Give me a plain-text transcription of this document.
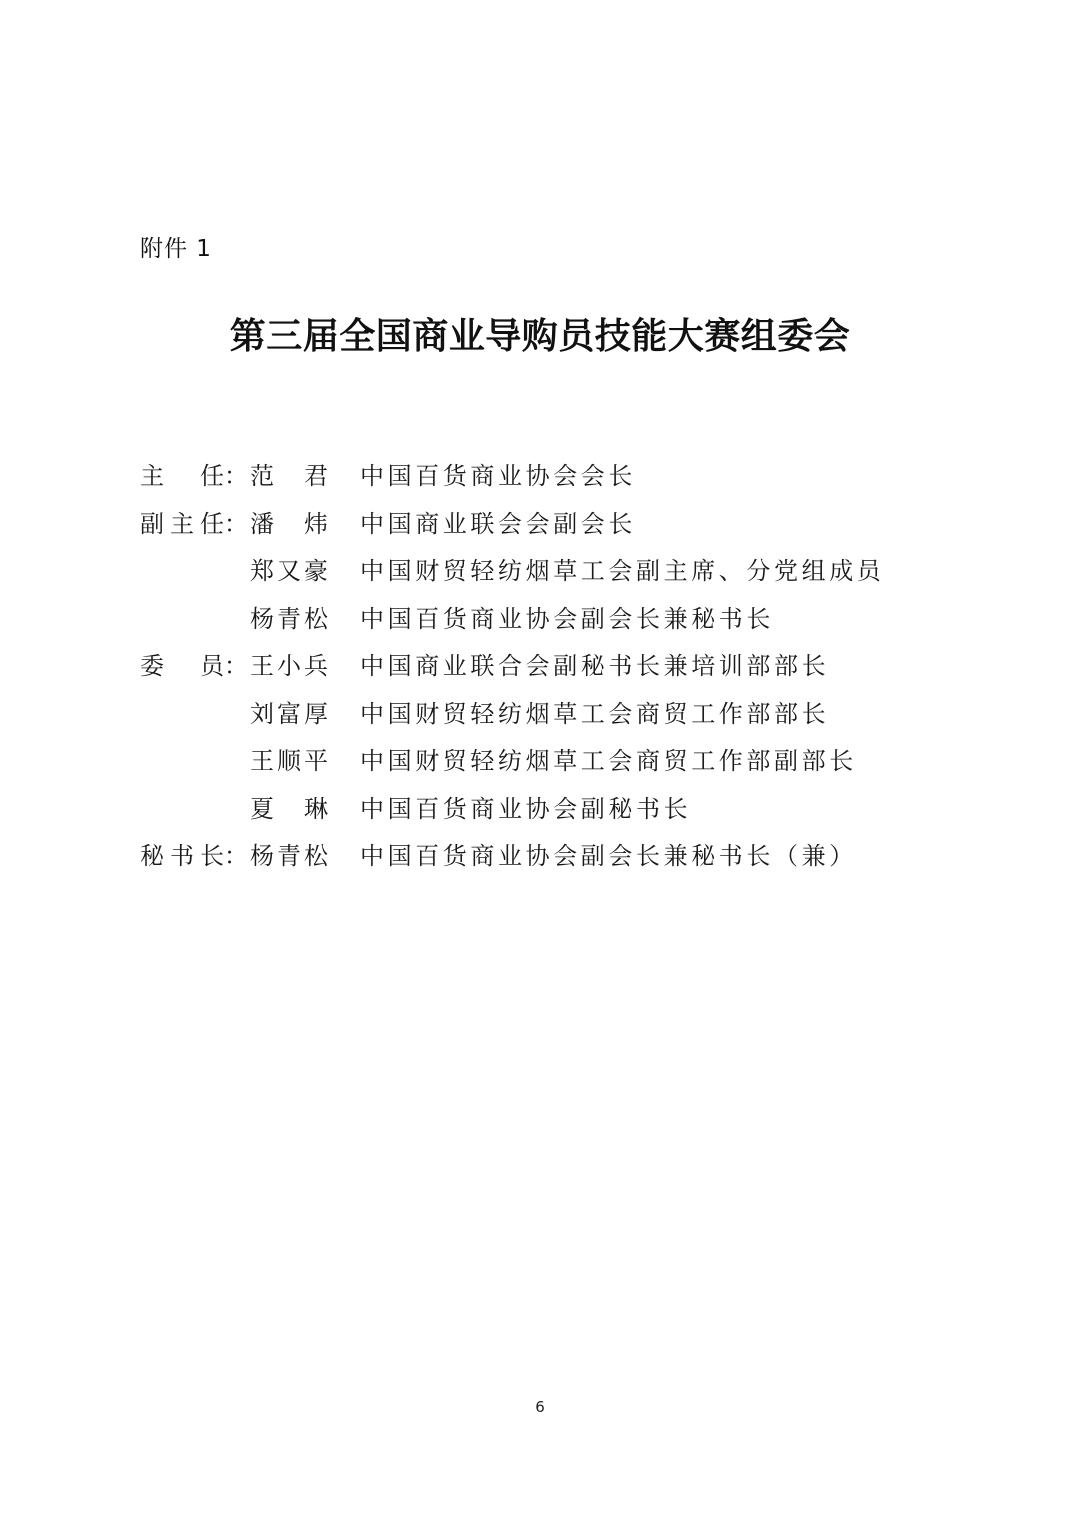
附件 1
第三届全国商业导购员技能大赛组委会
主 任： 范 君 中国百货商业协会会长
副 主 任： 潘 炜 中国商业联会会副会长
郑 又 豪 中国财贸轻纺烟草工会副主席、分党组成员
杨 青 松 中国百货商业协会副会长兼秘书长
委 员： 王 小 兵 中国商业联合会副秘书长兼培训部部长
刘 富 厚 中国财贸轻纺烟草工会商贸工作部部长
王 顺 平 中国财贸轻纺烟草工会商贸工作部副部长
夏 琳 中国百货商业协会副秘书长
秘 书 长： 杨 青 松 中国百货商业协会副会长兼秘书长（兼）
6
